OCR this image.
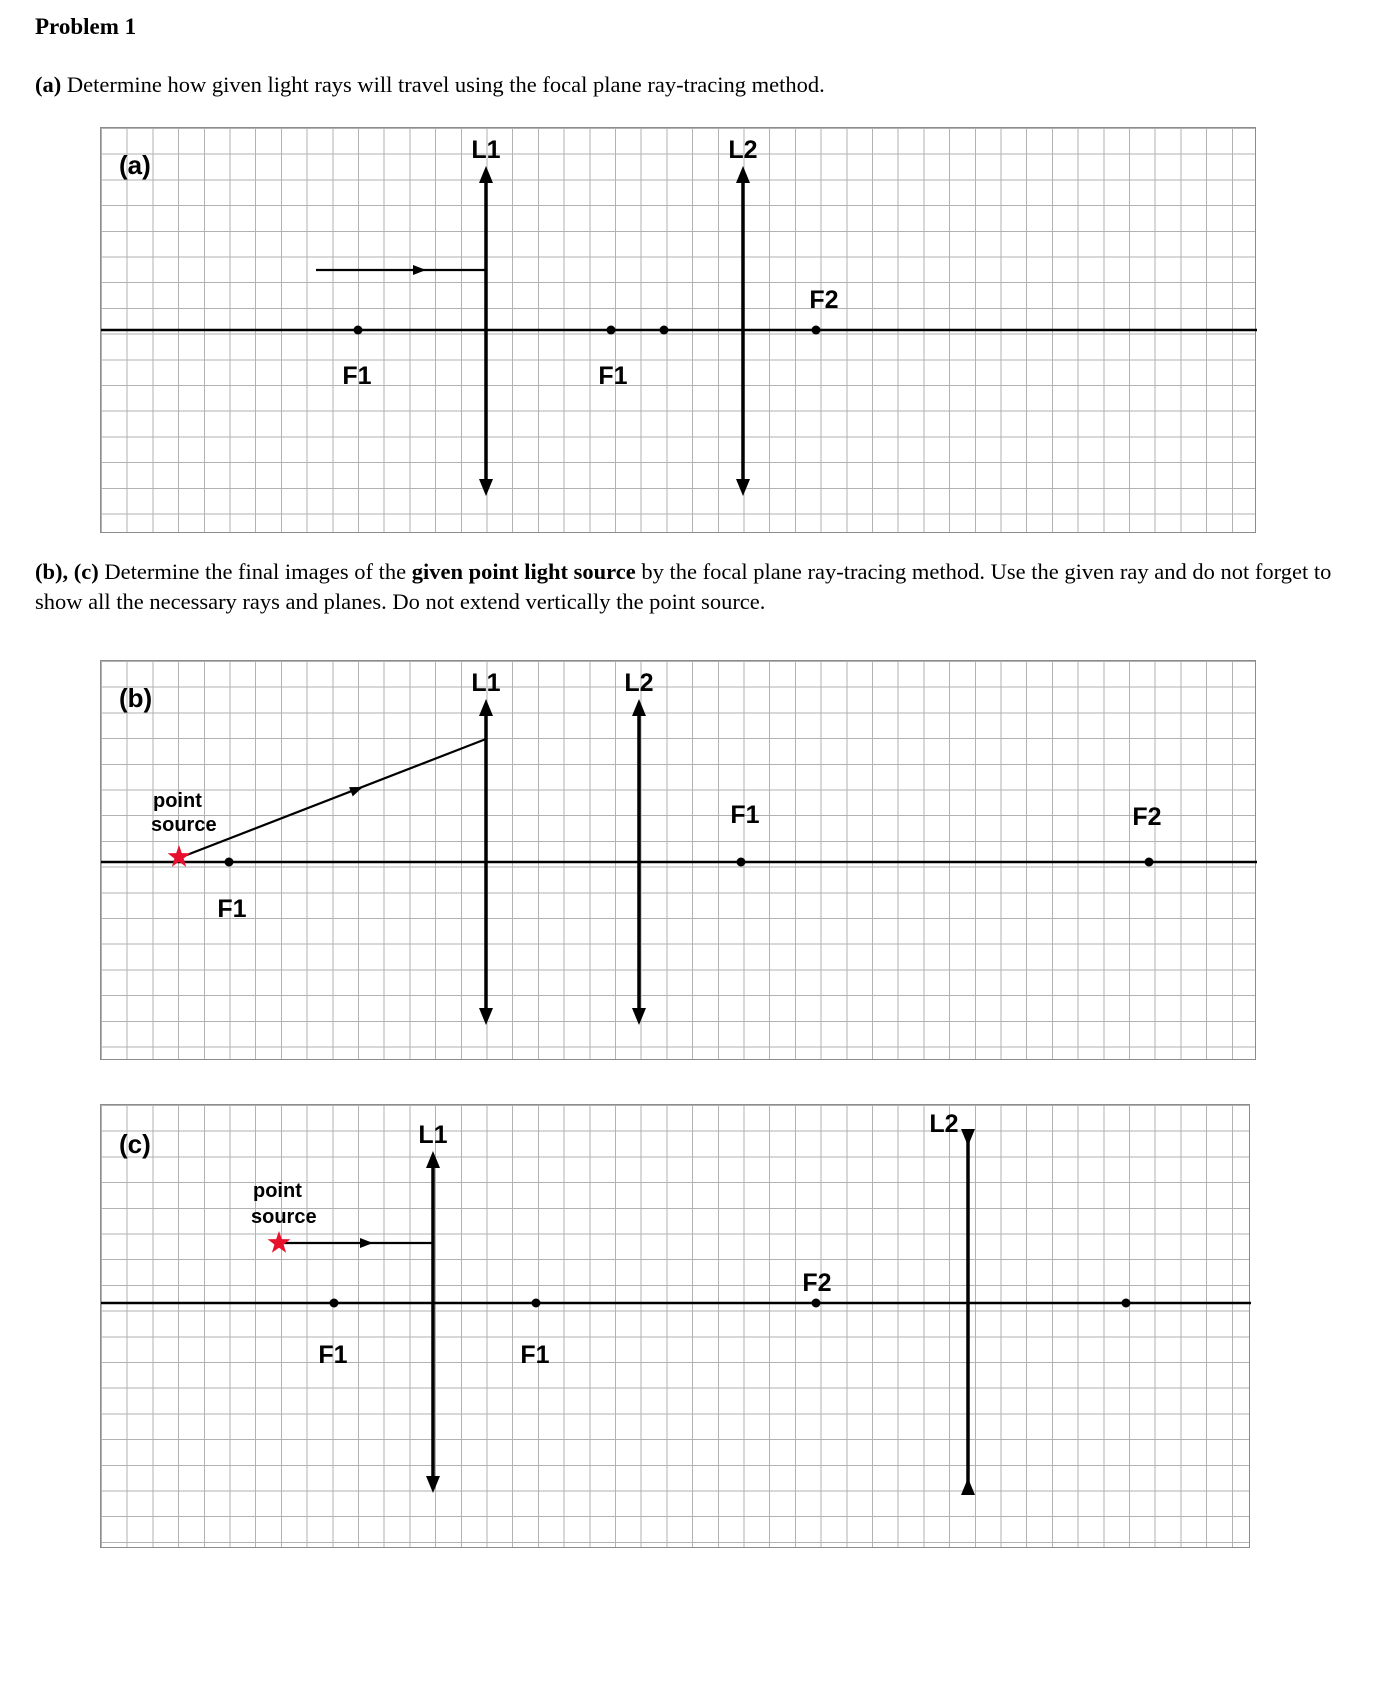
Problem 1

(a) Determine how given light rays will travel using the focal plane ray-tracing method.

(a)	L1	L2
F1	F1
F2

(b), (c) Determine the final images of the given point light source by the focal plane ray-tracing method. Use the given ray and do not forget to show all the necessary rays and planes. Do not extend vertically the point source.

(b)	L1	L2
point
source
F1
F1	F2
(c)	L1	L2
point
source
F1	F1
F2
